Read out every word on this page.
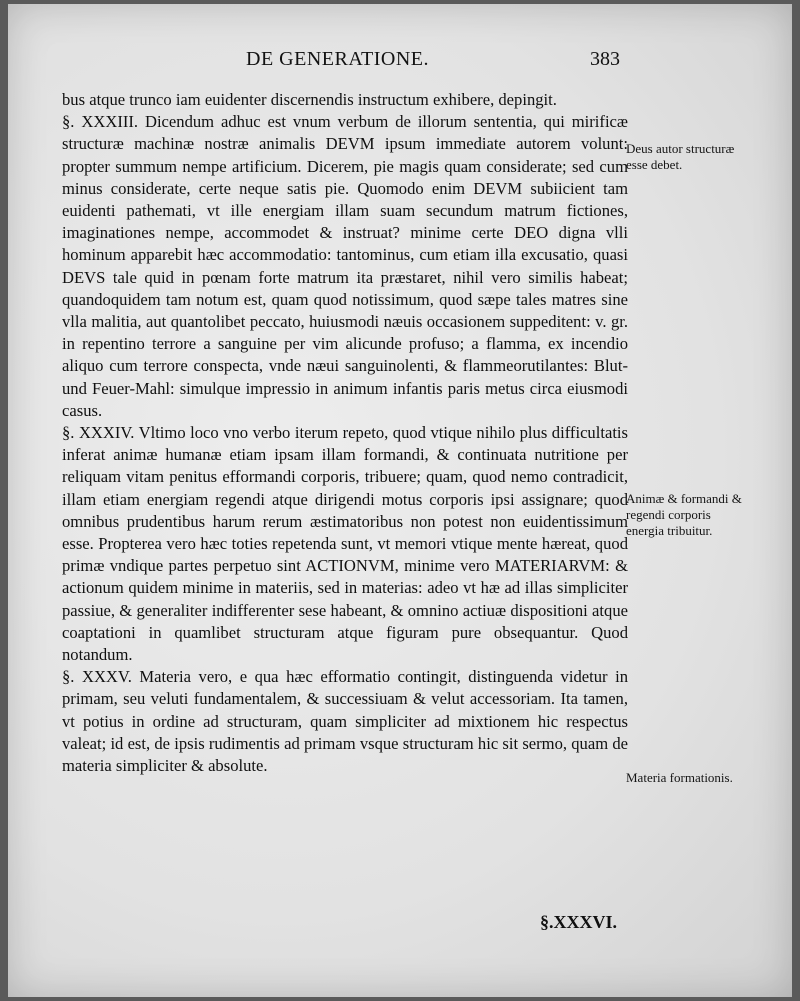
DE GENERATIONE.	383

bus atque trunco iam euidenter discernendis instructum exhibere, depingit.

§. XXXIII. Dicendum adhuc est vnum verbum de illorum sententia, qui mirificæ structuræ machinæ nostræ animalis DEVM ipsum immediate autorem volunt: propter summum nempe artificium. Dicerem, pie magis quam considerate; sed cum minus considerate, certe neque satis pie. Quomodo enim DEVM subiicient tam euidenti pathemati, vt ille energiam illam suam secundum matrum fictiones, imaginationes nempe, accommodet & instruat? minime certe DEO digna vlli hominum apparebit hæc accommodatio: tantominus, cum etiam illa excusatio, quasi DEVS tale quid in pœnam forte matrum ita præstaret, nihil vero similis habeat; quandoquidem tam notum est, quam quod notissimum, quod sæpe tales matres sine vlla malitia, aut quantolibet peccato, huiusmodi næuis occasionem suppeditent: v. gr. in repentino terrore a sanguine per vim alicunde profuso; a flamma, ex incendio aliquo cum terrore conspecta, vnde næui sanguinolenti, & flammeorutilantes: Blut- und Feuer-Mahl: simulque impressio in animum infantis paris metus circa eiusmodi casus.

§. XXXIV. Vltimo loco vno verbo iterum repeto, quod vtique nihilo plus difficultatis inferat animæ humanæ etiam ipsam illam formandi, & continuata nutritione per reliquam vitam penitus efformandi corporis, tribuere; quam, quod nemo contradicit, illam etiam energiam regendi atque dirigendi motus corporis ipsi assignare; quod omnibus prudentibus harum rerum æstimatoribus non potest non euidentissimum esse. Propterea vero hæc toties repetenda sunt, vt memori vtique mente hæreat, quod primæ vndique partes perpetuo sint ACTIONVM, minime vero MATERIARVM: & actionum quidem minime in materiis, sed in materias: adeo vt hæ ad illas simpliciter passiue, & generaliter indifferenter sese habeant, & omnino actiuæ dispositioni atque coaptationi in quamlibet structuram atque figuram pure obsequantur. Quod notandum.

§. XXXV. Materia vero, e qua hæc efformatio contingit, distinguenda videtur in primam, seu veluti fundamentalem, & successiuam & velut accessoriam. Ita tamen, vt potius in ordine ad structuram, quam simpliciter ad mixtionem hic respectus valeat; id est, de ipsis rudimentis ad primam vsque structuram hic sit sermo, quam de materia simpliciter & absolute.

Deus autor structuræ esse debet.
Animæ & formandi & regendi corporis energia tribuitur.
Materia formationis.
§.XXXVI.
